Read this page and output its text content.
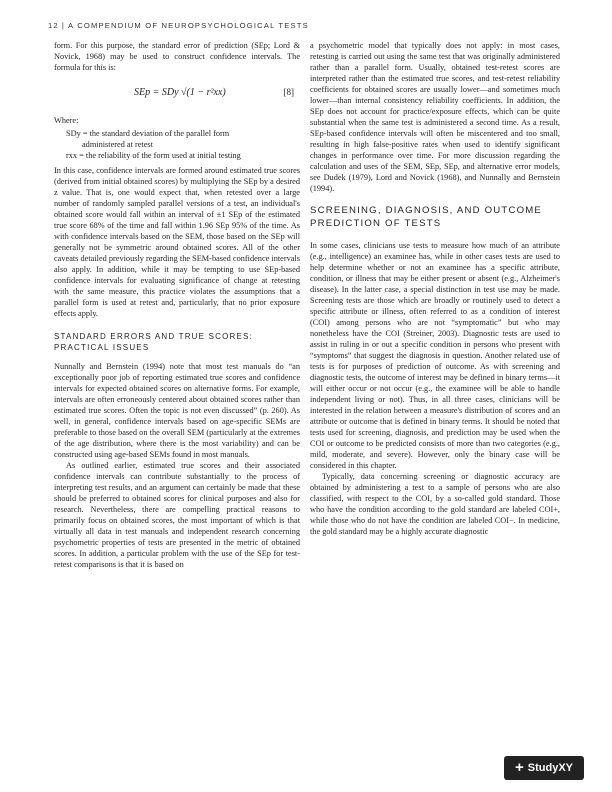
12 | A COMPENDIUM OF NEUROPSYCHOLOGICAL TESTS

form. For this purpose, the standard error of prediction (SEp; Lord & Novick, 1968) may be used to construct confidence intervals. The formula for this is:

SEp = SDy √(1 − r²xx)	[8]

Where:

SDy = the standard deviation of the parallel form
administered at retest
rxx = the reliability of the form used at initial testing

In this case, confidence intervals are formed around estimated true scores (derived from initial obtained scores) by multiplying the SEp by a desired z value. That is, one would expect that, when retested over a large number of randomly sampled parallel versions of a test, an individual's obtained score would fall within an interval of ±1 SEp of the estimated true score 68% of the time and fall within 1.96 SEp 95% of the time. As with confidence intervals based on the SEM, those based on the SEp will generally not be symmetric around obtained scores. All of the other caveats detailed previously regarding the SEM-based confidence intervals also apply. In addition, while it may be tempting to use SEp-based confidence intervals for evaluating significance of change at retesting with the same measure, this practice violates the assumptions that a parallel form is used at retest and, particularly, that no prior exposure effects apply.

STANDARD ERRORS AND TRUE SCORES: PRACTICAL ISSUES

Nunnally and Bernstein (1994) note that most test manuals do “an exceptionally poor job of reporting estimated true scores and confidence intervals for expected obtained scores on alternative forms. For example, intervals are often erroneously centered about obtained scores rather than estimated true scores. Often the topic is not even discussed” (p. 260). As well, in general, confidence intervals based on age-specific SEMs are preferable to those based on the overall SEM (particularly at the extremes of the age distribution, where there is the most variability) and can be constructed using age-based SEMs found in most manuals.

As outlined earlier, estimated true scores and their associated confidence intervals can contribute substantially to the process of interpreting test results, and an argument can certainly be made that these should be preferred to obtained scores for clinical purposes and also for research. Nevertheless, there are compelling practical reasons to primarily focus on obtained scores, the most important of which is that virtually all data in test manuals and independent research concerning psychometric properties of tests are presented in the metric of obtained scores. In addition, a particular problem with the use of the SEp for test-retest comparisons is that it is based on

a psychometric model that typically does not apply: in most cases, retesting is carried out using the same test that was originally administered rather than a parallel form. Usually, obtained test-retest scores are interpreted rather than the estimated true scores, and test-retest reliability coefficients for obtained scores are usually lower—and sometimes much lower—than internal consistency reliability coefficients. In addition, the SEp does not account for practice/exposure effects, which can be quite substantial when the same test is administered a second time. As a result, SEp-based confidence intervals will often be miscentered and too small, resulting in high false-positive rates when used to identify significant changes in performance over time. For more discussion regarding the calculation and uses of the SEM, SEp, SEp, and alternative error models, see Dudek (1979), Lord and Novick (1968), and Nunnally and Bernstein (1994).

SCREENING, DIAGNOSIS, AND OUTCOME PREDICTION OF TESTS

In some cases, clinicians use tests to measure how much of an attribute (e.g., intelligence) an examinee has, while in other cases tests are used to help determine whether or not an examinee has a specific attribute, condition, or illness that may be either present or absent (e.g., Alzheimer's disease). In the latter case, a special distinction in test use may be made. Screening tests are those which are broadly or routinely used to detect a specific attribute or illness, often referred to as a condition of interest (COI) among persons who are not “symptomatic” but who may nonetheless have the COI (Streiner, 2003). Diagnostic tests are used to assist in ruling in or out a specific condition in persons who present with “symptoms” that suggest the diagnosis in question. Another related use of tests is for purposes of prediction of outcome. As with screening and diagnostic tests, the outcome of interest may be defined in binary terms—it will either occur or not occur (e.g., the examinee will be able to handle independent living or not). Thus, in all three cases, clinicians will be interested in the relation between a measure's distribution of scores and an attribute or outcome that is defined in binary terms. It should be noted that tests used for screening, diagnosis, and prediction may be used when the COI or outcome to be predicted consists of more than two categories (e.g., mild, moderate, and severe). However, only the binary case will be considered in this chapter.

Typically, data concerning screening or diagnostic accuracy are obtained by administering a test to a sample of persons who are also classified, with respect to the COI, by a so-called gold standard. Those who have the condition according to the gold standard are labeled COI+, while those who do not have the condition are labeled COI−. In medicine, the gold standard may be a highly accurate diagnostic

+ StudyXY
